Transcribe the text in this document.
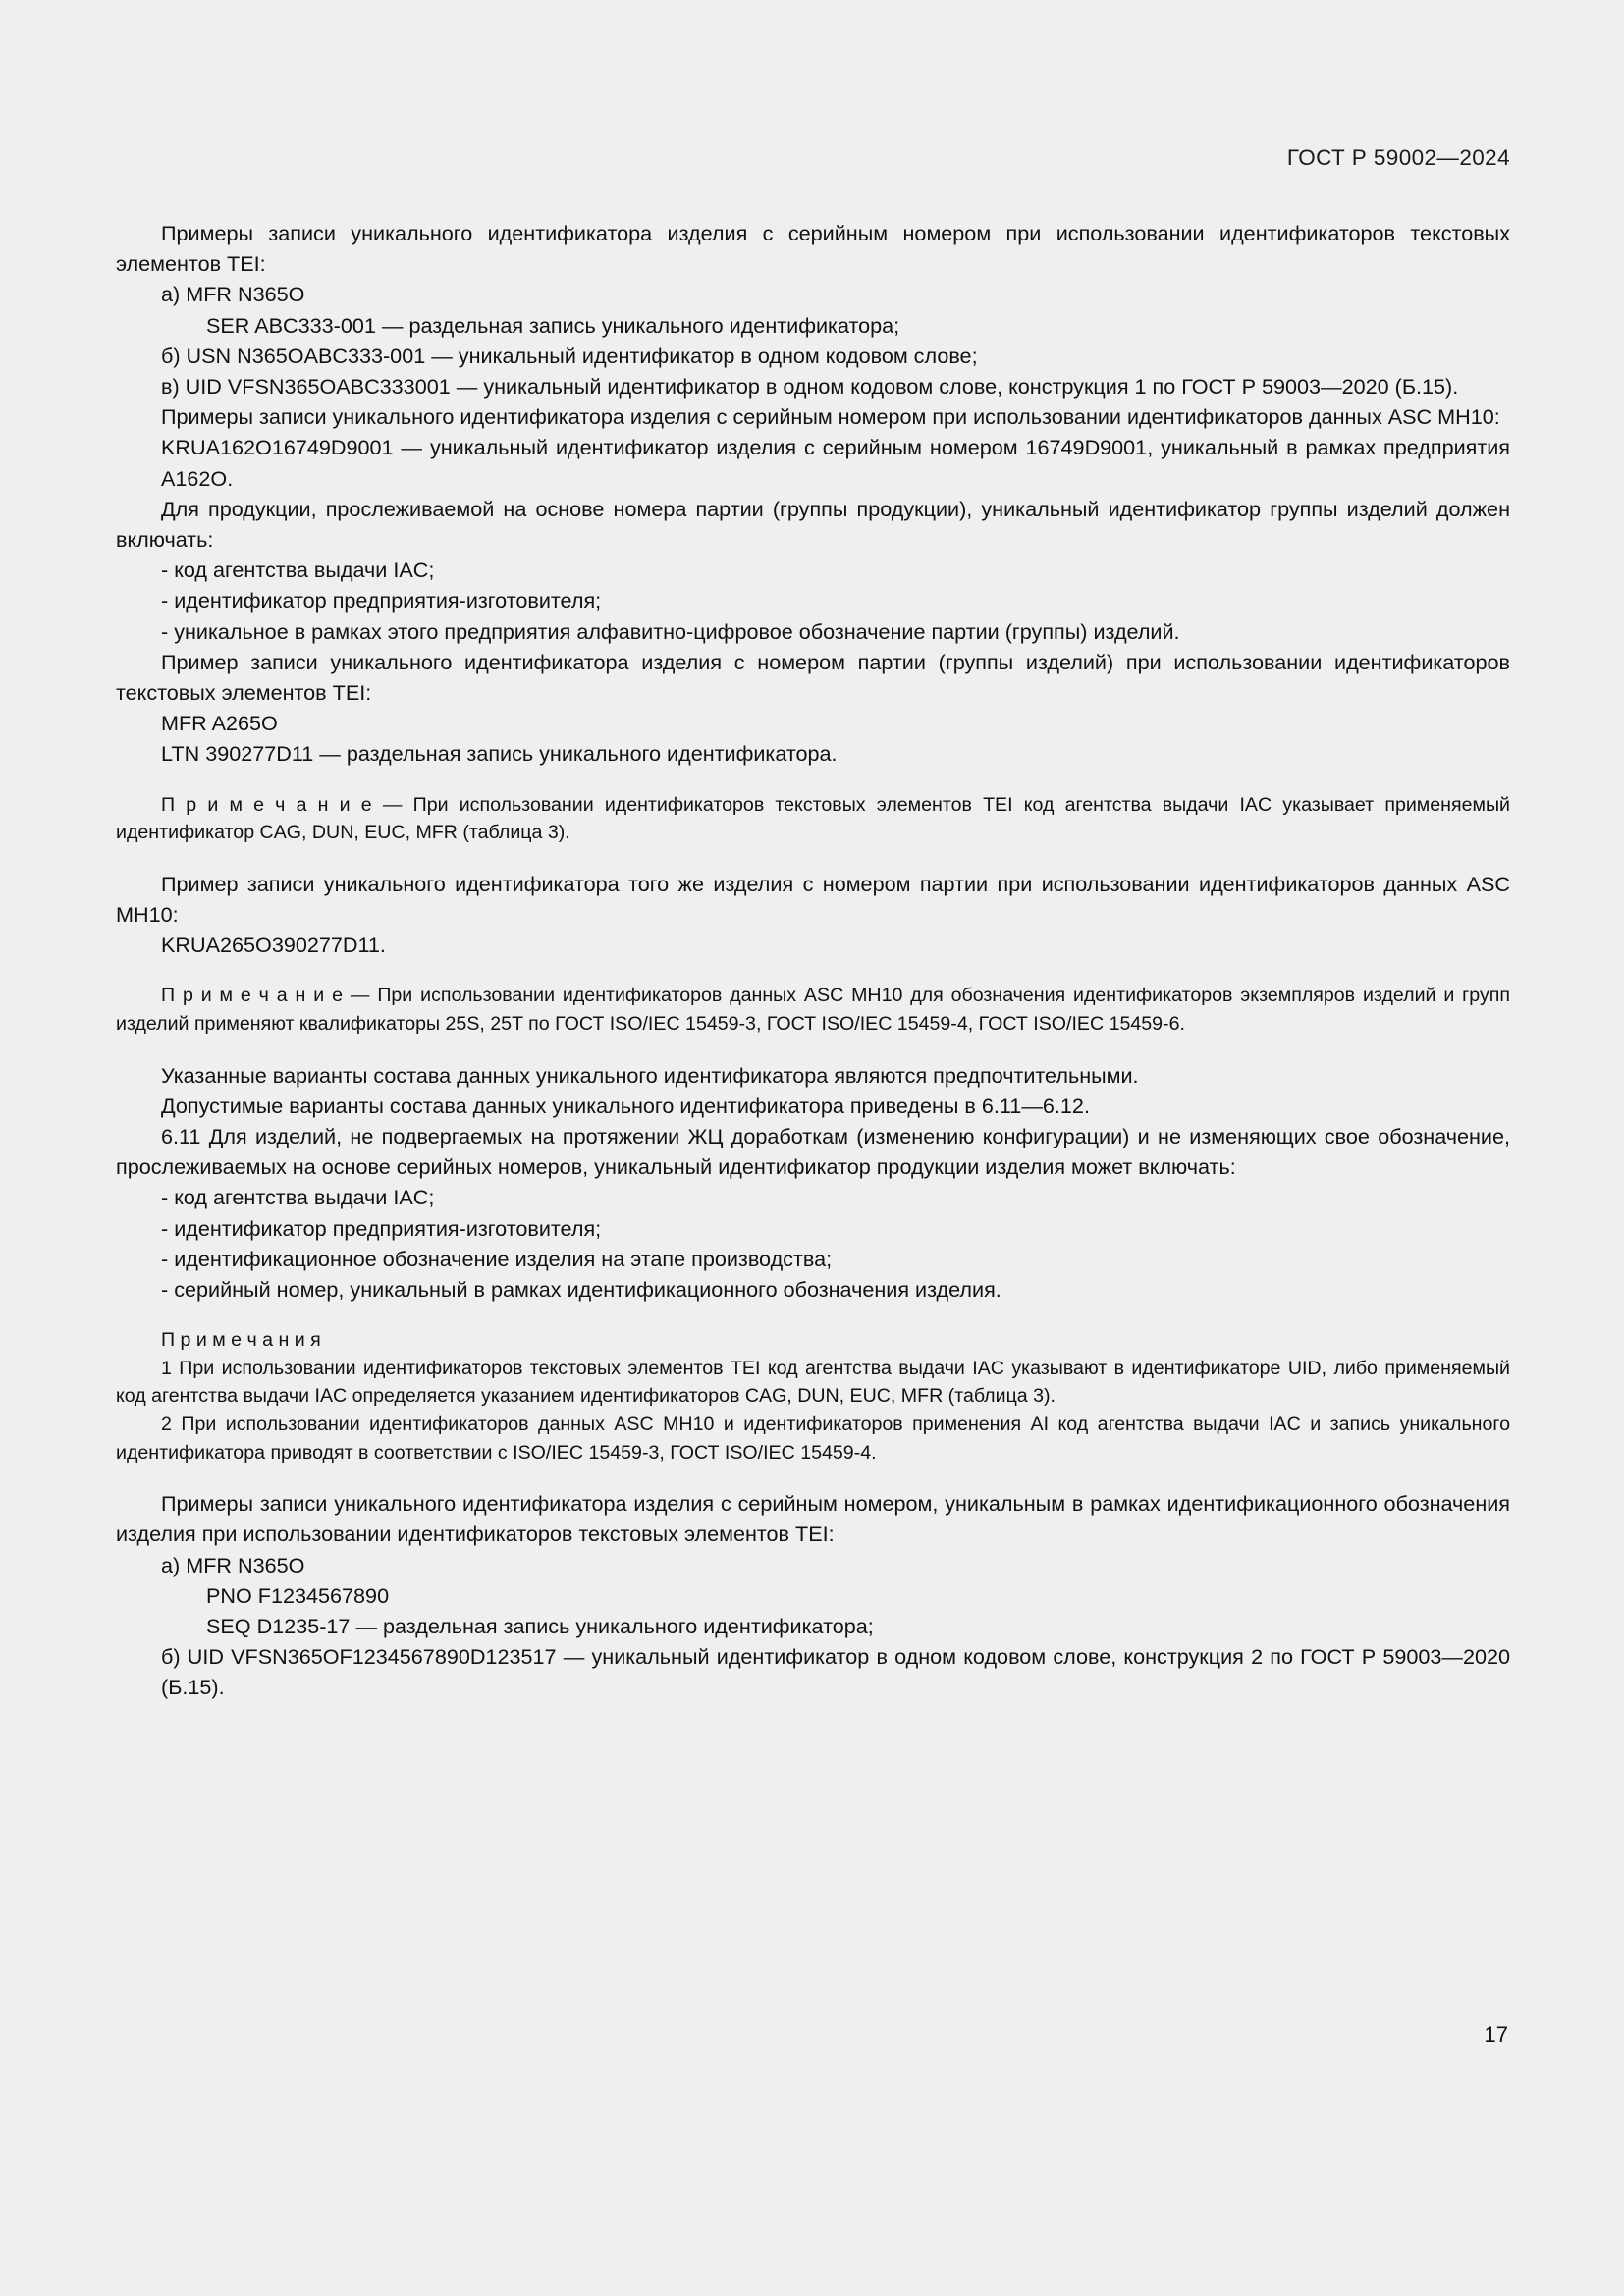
ГОСТ Р 59002—2024

Примеры записи уникального идентификатора изделия с серийным номером при использовании идентификаторов текстовых элементов TEI:

a) MFR N365O

SER ABC333-001 — раздельная запись уникального идентификатора;

б) USN N365OABC333-001 — уникальный идентификатор в одном кодовом слове;

в) UID VFSN365OABC333001 — уникальный идентификатор в одном кодовом слове, конструкция 1 по ГОСТ Р 59003—2020 (Б.15).

Примеры записи уникального идентификатора изделия с серийным номером при использовании идентификаторов данных ASC MH10:

KRUA162O16749D9001 — уникальный идентификатор изделия с серийным номером 16749D9001, уникальный в рамках предприятия A162O.

Для продукции, прослеживаемой на основе номера партии (группы продукции), уникальный идентификатор группы изделий должен включать:

- код агентства выдачи IAC;

- идентификатор предприятия-изготовителя;

- уникальное в рамках этого предприятия алфавитно-цифровое обозначение партии (группы) изделий.

Пример записи уникального идентификатора изделия с номером партии (группы изделий) при использовании идентификаторов текстовых элементов TEI:

MFR A265O

LTN 390277D11 — раздельная запись уникального идентификатора.

П р и м е ч а н и е — При использовании идентификаторов текстовых элементов TEI код агентства выдачи IAC указывает применяемый идентификатор CAG, DUN, EUC, MFR (таблица 3).

Пример записи уникального идентификатора того же изделия с номером партии при использовании идентификаторов данных ASC MH10:

KRUA265O390277D11.

П р и м е ч а н и е — При использовании идентификаторов данных ASC MH10 для обозначения идентификаторов экземпляров изделий и групп изделий применяют квалификаторы 25S, 25T по ГОСТ ISO/IEC 15459-3, ГОСТ ISO/IEC 15459-4, ГОСТ ISO/IEC 15459-6.

Указанные варианты состава данных уникального идентификатора являются предпочтительными.

Допустимые варианты состава данных уникального идентификатора приведены в 6.11—6.12.

6.11 Для изделий, не подвергаемых на протяжении ЖЦ доработкам (изменению конфигурации) и не изменяющих свое обозначение, прослеживаемых на основе серийных номеров, уникальный идентификатор продукции изделия может включать:

- код агентства выдачи IAC;

- идентификатор предприятия-изготовителя;

- идентификационное обозначение изделия на этапе производства;

- серийный номер, уникальный в рамках идентификационного обозначения изделия.

П р и м е ч а н и я

1 При использовании идентификаторов текстовых элементов TEI код агентства выдачи IAC указывают в идентификаторе UID, либо применяемый код агентства выдачи IAC определяется указанием идентификаторов CAG, DUN, EUC, MFR (таблица 3).

2 При использовании идентификаторов данных ASC MH10 и идентификаторов применения AI код агентства выдачи IAC и запись уникального идентификатора приводят в соответствии с ISO/IEC 15459-3, ГОСТ ISO/IEC 15459-4.

Примеры записи уникального идентификатора изделия с серийным номером, уникальным в рамках идентификационного обозначения изделия при использовании идентификаторов текстовых элементов TEI:

a) MFR N365O

PNO F1234567890

SEQ D1235-17 — раздельная запись уникального идентификатора;

б) UID VFSN365OF1234567890D123517 — уникальный идентификатор в одном кодовом слове, конструкция 2 по ГОСТ Р 59003—2020 (Б.15).

17
